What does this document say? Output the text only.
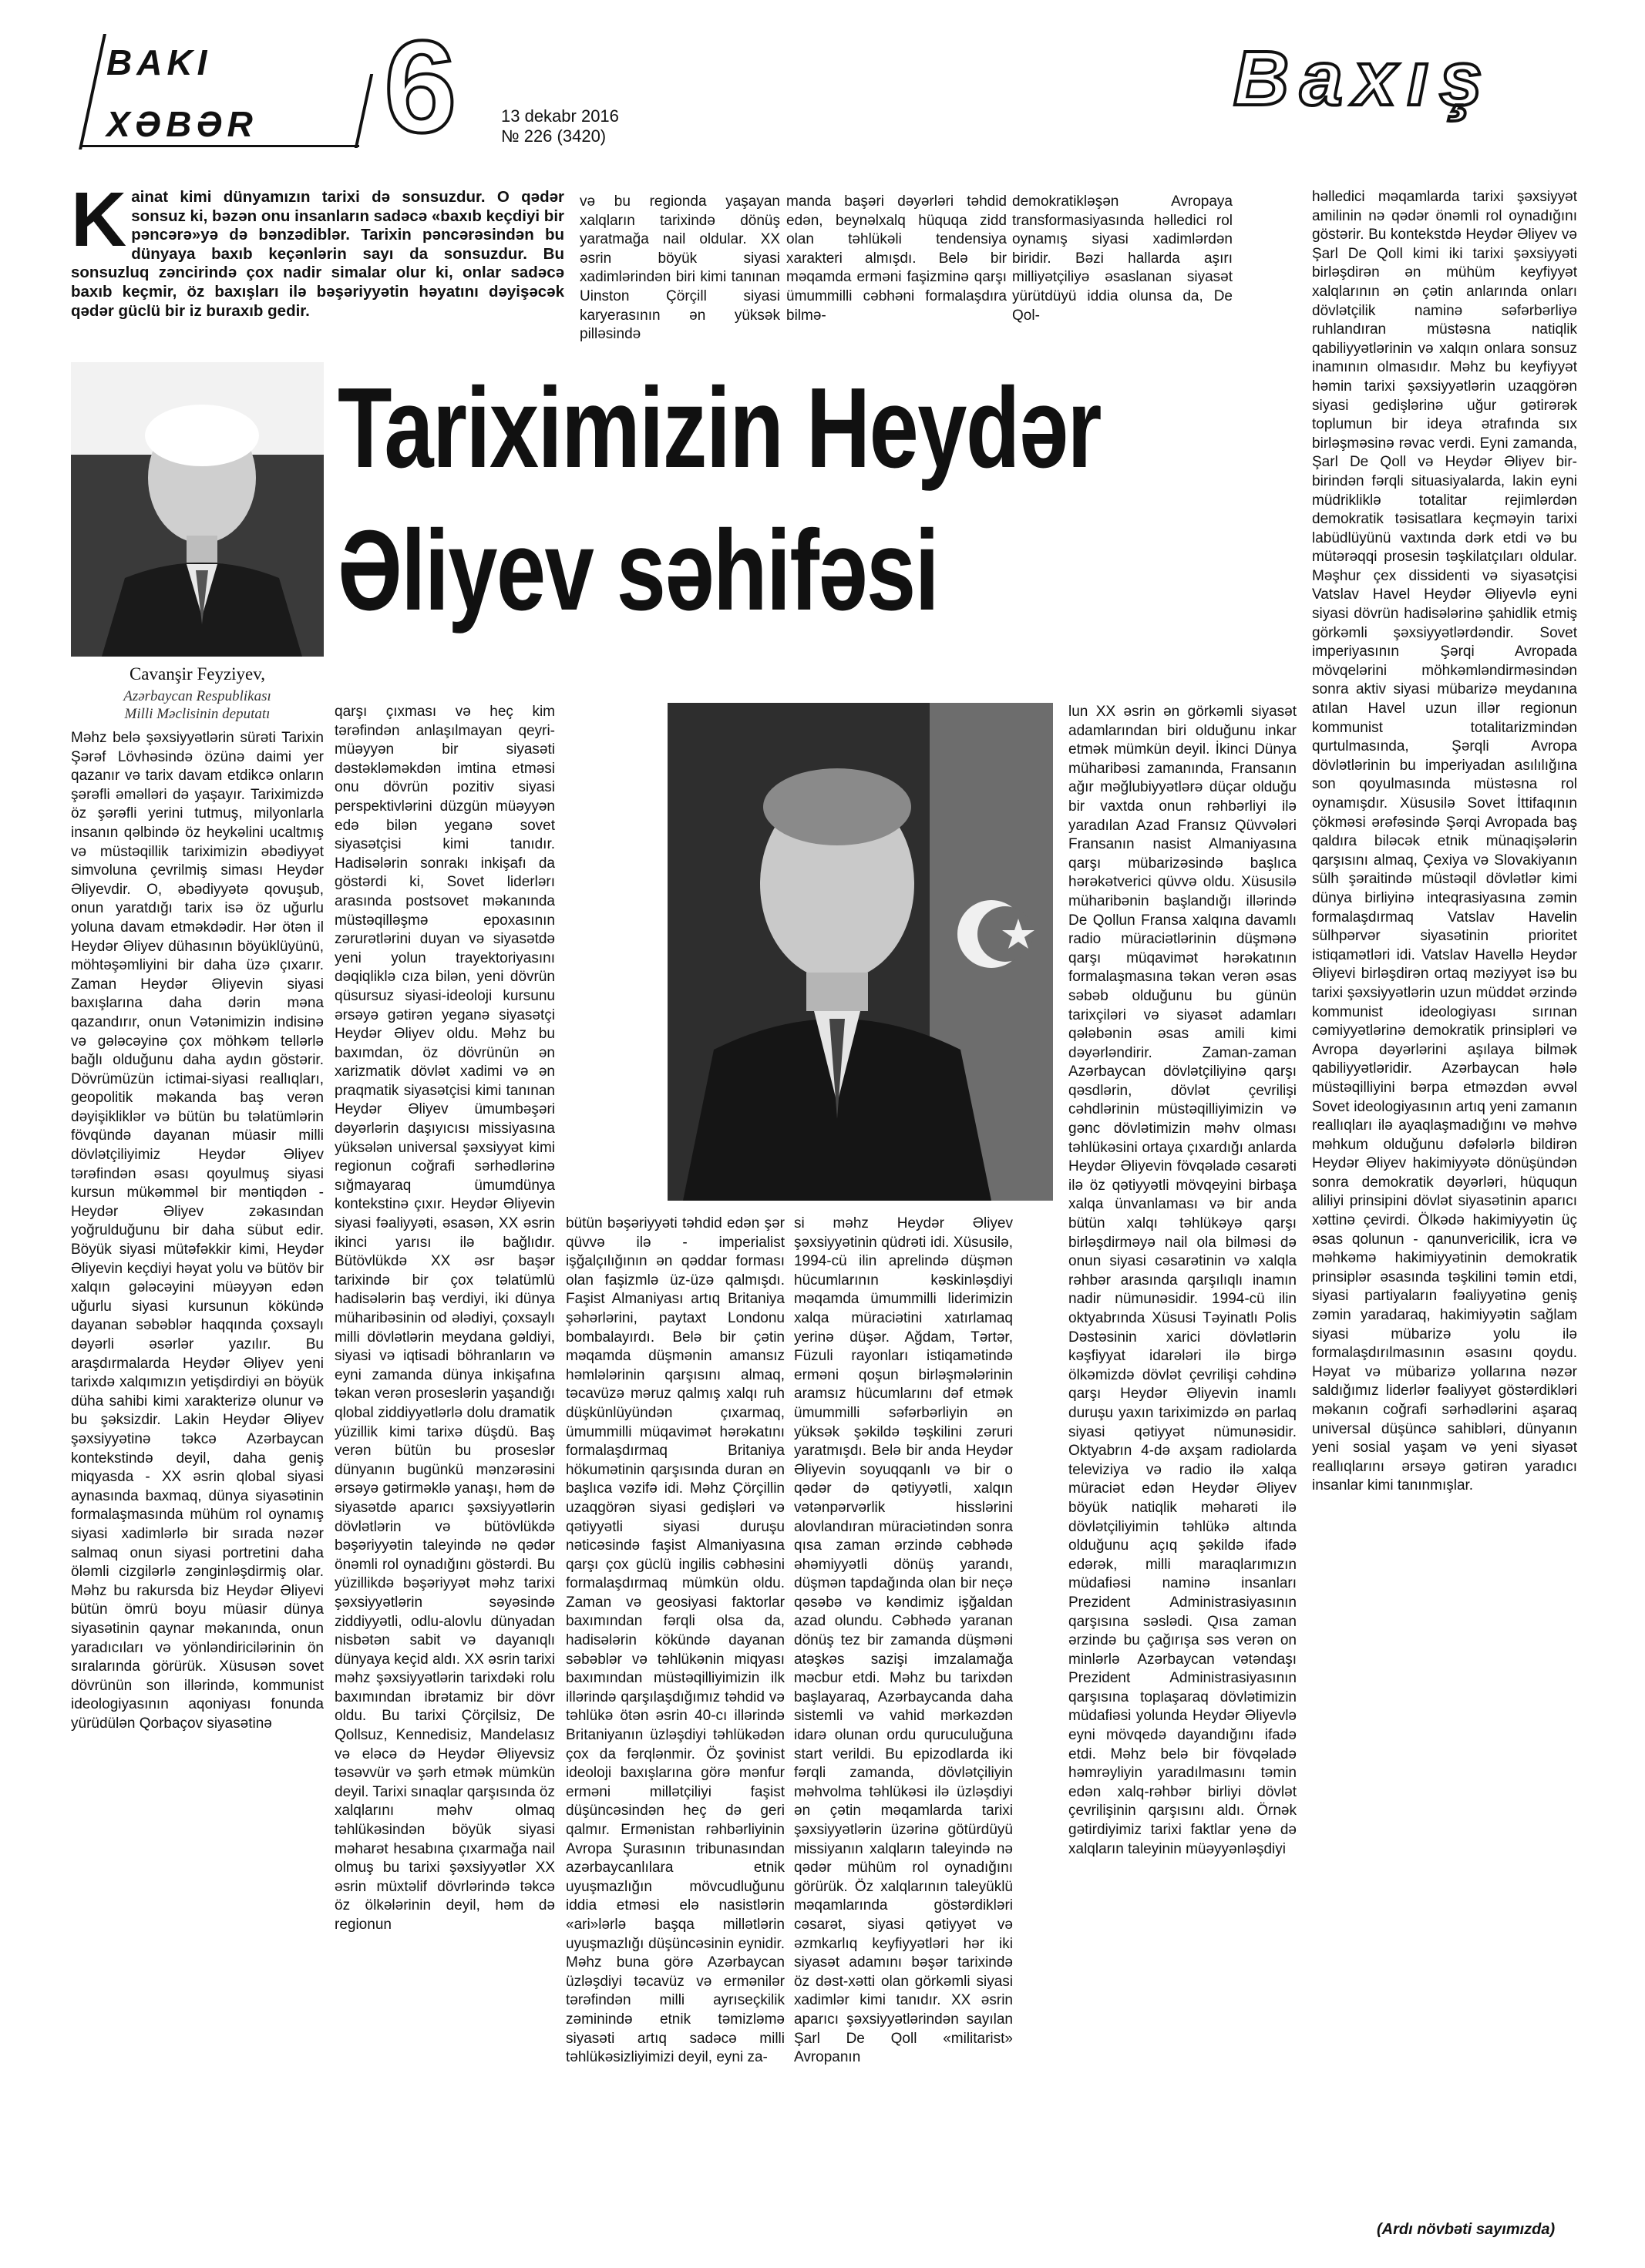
BAKI
XƏBƏR 6	13 dekabr 2016
№ 226 (3420)
Baxış
Kainat kimi dünyamızın tarixi də sonsuzdur. O qədər sonsuz ki, bəzən onu insanların sadəcə «baxıb keçdiyi bir pəncərə»yə də bənzədiblər. Tarixin pəncərəsindən bu dünyaya baxıb keçənlərin sayı da sonsuzdur. Bu sonsuzluq zəncirində çox nadir simalar olur ki, onlar sadəcə baxıb keçmir, öz baxışları ilə bəşəriyyətin həyatını dəyişəcək qədər güclü bir iz buraxıb gedir.
və bu regionda yaşayan xalqların tarixində dönüş yaratmağa nail oldular. XX əsrin böyük siyasi xadimlərindən biri kimi tanınan Uinston Çörçill siyasi karyerasının ən yüksək pilləsində
manda başəri dəyərləri təhdid edən, beynəlxalq hüquqa zidd olan təhlükəli tendensiya xarakteri almışdı. Belə bir məqamda erməni faşizminə qarşı ümummilli cəbhəni formalaşdıra bilmə-
demokratikləşən Avropaya transformasiyasında həlledici rol oynamış siyasi xadimlərdən biridir. Bəzi hallarda aşırı milliyətçiliyə əsaslanan siyasət yürütdüyü iddia olunsa da, De Qol-
Tariximizin Heydər
Əliyev səhifəsi
Cavanşir Feyziyev,
Azərbaycan Respublikası
Milli Məclisinin deputatı
Məhz belə şəxsiyyətlərin sürəti Tarixin Şərəf Lövhəsində özünə daimi yer qazanır və tarix davam etdikcə onların şərəfli əməlləri də yaşayır. Tariximizdə öz şərəfli yerini tutmuş, milyonlarla insanın qəlbində öz heykəlini ucaltmış və müstəqillik tariximizin əbədiyyət simvoluna çevrilmiş siması Heydər Əliyevdir. O, əbədiyyətə qovuşub, onun yaratdığı tarix isə öz uğurlu yoluna davam etməkdədir. Hər ötən il Heydər Əliyev dühasının böyüklüyünü, möhtəşəmliyini bir daha üzə çıxarır. Zaman Heydər Əliyevin siyasi baxışlarına daha dərin məna qazandırır, onun Vətənimizin indisinə və gələcəyinə çox möhkəm tellərlə bağlı olduğunu daha aydın göstərir. Dövrümüzün ictimai-siyasi reallıqları, geopolitik məkanda baş verən dəyişikliklər və bütün bu təlatümlərin fövqündə dayanan müasir milli dövlətçiliyimiz Heydər Əliyev tərəfindən əsası qoyulmuş siyasi kursun mükəmməl bir məntiqdən - Heydər Əliyev zəkasından yoğrulduğunu bir daha sübut edir. Böyük siyasi mütəfəkkir kimi, Heydər Əliyevin keçdiyi həyat yolu və bütöv bir xalqın gələcəyini müəyyən edən uğurlu siyasi kursunun kökündə dayanan səbəblər haqqında çoxsaylı dəyərli əsərlər yazılır. Bu araşdırmalarda Heydər Əliyev yeni tarixdə xalqımızın yetişdirdiyi ən böyük dühа sahibi kimi xarakterizə olunur və bu şəksizdir. Lakin Heydər Əliyev şəxsiyyətinə təkcə Azərbaycan kontekstində deyil, daha geniş miqyasda - XX əsrin qlobal siyasi aynasında baxmaq, dünya siyasətinin formalaşmasında mühüm rol oynamış siyasi xadimlərlə bir sırada nəzər salmaq onun siyasi portretini daha öləmli cizgilərlə zənginləşdirmiş olar. Məhz bu rakursda biz Heydər Əliyevi bütün ömrü boyu müasir dünya siyasətinin qaynar məkanında, onun yaradıcıları və yönləndiricilərinin ön sıralarında görürük. Xüsusən sovet dövrünün son illərində, kommunist ideologiyasının aqoniyası fonunda yürüdülən Qorbaçov siyasətinə
qarşı çıxması və heç kim tərəfindən anlaşılmayan qeyri-müəyyən bir siyasəti dəstəkləməkdən imtina etməsi onu dövrün pozitiv siyasi perspektivlərini düzgün müəyyən edə bilən yeganə sovet siyasətçisi kimi tanıdır. Hadisələrin sonrakı inkişafı da göstərdi ki, Sovet liderlərı arasında postsovet məkanında müstəqilləşmə epoxasının zərurətlərini duyan və siyasətdə yeni yolun trayektoriyasını dəqiqliklə cızа bilən, yeni dövrün qüsursuz siyasi-ideoloji kursunu ərsəyə gətirən yeganə siyasətçi Heydər Əliyev oldu. Məhz bu baxımdan, öz dövrünün ən xarizmatik dövlət xadimi və ən praqmatik siyasətçisi kimi tanınan Heydər Əliyev ümumbəşəri dəyərlərin daşıyıcısı missiyasına yüksələn universal şəxsiyyət kimi regionun coğrafi sərhədlərinə sığmayaraq ümumdünya kontekstinə çıxır. Heydər Əliyevin siyasi fəaliyyəti, əsasən, XX əsrin ikinci yarısı ilə bağlıdır. Bütövlükdə XX əsr başər tarixində bir çox təlatümlü hadisələrin baş verdiyi, iki dünya müharibəsinin od ələdiyi, çoxsaylı milli dövlətlərin meydana gəldiyi, siyasi və iqtisadi böhranların və eyni zamanda dünya inkişafına təkan verən proseslərin yaşandığı qlobal ziddiyyətlərlə dolu dramatik yüzillik kimi tarixə düşdü. Baş verən bütün bu proseslər dünyanın bugünkü mənzərəsini ərsəyə gətirməklə yanaşı, həm də siyasətdə aparıcı şəxsiyyətlərin dövlətlərin və bütövlükdə bəşəriyyətin taleyində nə qədər önəmli rol oynadığını göstərdi. Bu yüzillikdə bəşəriyyət məhz tarixi şəxsiyyətlərin səyəsində ziddiyyətli, odlu-alovlu dünyadan nisbətən sabit və dayanıqlı dünyaya keçid aldı. XX əsrin tarixi məhz şəxsiyyətlərin tarixdəki rolu baxımından ibrətamiz bir dövr oldu. Bu tarixi Çörçilsiz, De Qollsuz, Kennedisiz, Mandelasız və eləcə də Heydər Əliyevsiz təsəvvür və şərh etmək mümkün deyil. Tarixi sınaqlar qarşısında öz xalqlarını məhv olmaq təhlükəsindən böyük siyasi məharət hesabına çıxarmağa nail olmuş bu tarixi şəxsiyyətlər XX əsrin müxtəlif dövrlərində təkcə öz ölkələrinin deyil, həm də regionun
bütün bəşəriyyəti təhdid edən şər qüvvə ilə - imperialist işğalçılığının ən qəddar forması olan faşizmlə üz-üzə qalmışdı. Faşist Almaniyası artıq Britaniya şəhərlərini, paytaxt Londonu bombalayırdı. Belə bir çətin məqamda düşmənin amansız həmlələrinin qarşısını almaq, təcavüzə məruz qalmış xalqı ruh düşkünlüyündən çıxarmaq, ümummilli müqavimət hərəkatını formalaşdırmaq Britaniya hökumətinin qarşısında duran ən başlıca vəzifə idi. Məhz Çörçillin uzaqgörən siyasi gedişləri və qətiyyətli siyasi duruşu nəticəsində faşist Almaniyasına qarşı çox güclü ingilis cəbhəsini formalaşdırmaq mümkün oldu. Zaman və geosiyasi faktorlar baxımından fərqli olsa da, hadisələrin kökündə dayanan səbəblər və təhlükənin miqyası baxımından müstəqilliyimizin ilk illərində qarşılaşdığımız təhdid və təhlükə ötən əsrin 40-cı illərində Britaniyanın üzləşdiyi təhlükədən çox da fərqlənmir. Öz şovinist ideoloji baxışlarına görə mənfur erməni millətçiliyi faşist düşüncəsindən heç də geri qalmır. Ermənistan rəhbərliyinin Avropa Şurasının tribunasından azərbaycanlılara etnik uyuşmazlığın mövcudluğunu iddia etməsi elə nasistlərin «ari»lərlə başqa millətlərin uyuşmazlığı düşüncəsinin eynidir. Məhz buna görə Azərbaycan üzləşdiyi təcavüz və ermənilər tərəfindən milli ayrıseçkilik zəminində etnik təmizləmə siyasəti artıq sadəcə milli təhlükəsizliyimizi deyil, eyni za-
si məhz Heydər Əliyev şəxsiyyətinin qüdrəti idi. Xüsusilə, 1994-cü ilin aprelində düşmən hücumlarının kəskinləşdiyi məqamda ümummilli liderimizin xalqa müraciətini xatırlamaq yerinə düşər. Ağdam, Tərtər, Füzuli rayonları istiqamətində erməni qoşun birləşmələrinin aramsız hücumlarını dəf etmək ümummilli səfərbərliyin ən yüksək şəkildə təşkilini zəruri yaratmışdı. Belə bir anda Heydər Əliyevin soyuqqanlı və bir o qədər də qətiyyətli, xalqın vətənpərvərlik hisslərini alovlandıran müraciətindən sonra qısa zaman ərzində cəbhədə əhəmiyyətli dönüş yarandı, düşmən tapdağında olan bir neçə qəsəbə və kəndimiz işğaldan azad olundu. Cəbhədə yaranan dönüş tez bir zamanda düşməni atəşkəs sazişi imzalamağa məcbur etdi. Məhz bu tarixdən başlayaraq, Azərbaycanda daha sistemli və vahid mərkəzdən idarə olunan ordu quruculuğuna start verildi. Bu epizodlarda iki fərqli zamanda, dövlətçiliyin məhvolma təhlükəsi ilə üzləşdiyi ən çətin məqamlarda tarixi şəxsiyyətlərin üzərinə götürdüyü missiyanın xalqların taleyində nə qədər mühüm rol oynadığını görürük. Öz xalqlarının taleyüklü məqamlarında göstərdikləri cəsarət, siyasi qətiyyət və əzmkarlıq keyfiyyətləri hər iki siyasət adamını bəşər tarixində öz dəst-xətti olan görkəmli siyasi xadimlər kimi tanıdır. XX əsrin aparıcı şəxsiyyətlərindən sayılan Şarl De Qoll «militarist» Avropanın
lun XX əsrin ən görkəmli siyasət adamlarından biri olduğunu inkar etmək mümkün deyil. İkinci Dünya müharibəsi zamanında, Fransanın ağır məğlubiyyətlərə düçar olduğu bir vaxtda onun rəhbərliyi ilə yaradılan Azad Fransız Qüvvələri Fransanın nasist Almaniyasına qarşı mübarizəsində başlıca hərəkətverici qüvvə oldu. Xüsusilə müharibənin başlandığı illərində De Qollun Fransa xalqına davamlı radio müraciətlərinin düşmənə qarşı müqavimət hərəkatının formalaşmasına təkan verən əsas səbəb olduğunu bu günün tarixçiləri və siyasət adamları qələbənin əsas amili kimi dəyərləndirir. Zaman-zaman Azərbaycan dövlətçiliyinə qarşı qəsdlərin, dövlət çevrilişi cəhdlərinin müstəqilliyimizin və gənc dövlətimizin məhv olması təhlükəsini ortaya çıxardığı anlarda Heydər Əliyevin fövqəladə cəsarəti ilə öz qətiyyətli mövqeyini birbaşa xalqa ünvanlaması və bir anda bütün xalqı təhlükəyə qarşı birləşdirməyə nail ola bilməsi də onun siyasi cəsarətinin və xalqla rəhbər arasında qarşılıqlı inamın nadir nümunəsidir. 1994-cü ilin oktyabrında Xüsusi Təyinatlı Polis Dəstəsinin xarici dövlətlərin kəşfiyyat idarələri ilə birgə ölkəmizdə dövlət çevrilişi cəhdinə qarşı Heydər Əliyevin inamlı duruşu yaxın tariximizdə ən parlaq siyasi qətiyyət nümunəsidir. Oktyabrın 4-də axşam radiolarda televiziya və radio ilə xalqa müraciət edən Heydər Əliyev böyük natiqlik məharəti ilə dövlətçiliyimin təhlükə altında olduğunu açıq şəkildə ifadə edərək, milli maraqlarımızın müdafiəsi naminə insanları Prezident Administrasiyasının qarşısına səslədi. Qısa zaman ərzində bu çağırışa səs verən on minlərlə Azərbaycan vətəndaşı Prezident Administrasiyasının qarşısına toplaşaraq dövlətimizin müdafiəsi yolunda Heydər Əliyevlə eyni mövqedə dayandığını ifadə etdi. Məhz belə bir fövqəladə həmrəyliyin yaradılmasını təmin edən xalq-rəhbər birliyi dövlət çevrilişinin qarşısını aldı. Örnək gətirdiyimiz tarixi faktlar yenə də xalqların taleyinin müəyyənləşdiyi
həlledici məqamlarda tarixi şəxsiyyət amilinin nə qədər önəmli rol oynadığını göstərir. Bu kontekstdə Heydər Əliyev və Şarl De Qoll kimi iki tarixi şəxsiyyəti birləşdirən ən mühüm keyfiyyət xalqlarının ən çətin anlarında onları dövlətçilik naminə səfərbərliyə ruhlandıran müstəsna natiqlik qabiliyyətlərinin və xalqın onlara sonsuz inamının olmasıdır. Məhz bu keyfiyyət həmin tarixi şəxsiyyətlərin uzaqgörən siyasi gedişlərinə uğur gətirərək toplumun bir ideya ətrafında sıx birləşməsinə rəvac verdi. Eyni zamanda, Şarl De Qoll və Heydər Əliyev bir-birindən fərqli situasiyalarda, lakin eyni müdrikliklə totalitar rejimlərdən demokratik təsisatlara keçməyin tarixi labüdlüyünü vaxtında dərk etdi və bu mütərəqqi prosesin təşkilatçıları oldular. Məşhur çex dissidenti və siyasətçisi Vatslav Havel Heydər Əliyevlə eyni siyasi dövrün hadisələrinə şahidlik etmiş görkəmli şəxsiyyətlərdəndir. Sovet imperiyasının Şərqi Avropada mövqelərini möhkəmləndirməsindən sonra aktiv siyasi mübarizə meydanına atılan Havel uzun illər regionun kommunist totalitarizmindən qurtulmasında, Şərqli Avropa dövlətlərinin bu imperiyadan asılılığına son qoyulmasında müstəsna rol oynamışdır. Xüsusilə Sovet İttifaqının çökməsi ərəfəsində Şərqi Avropada baş qaldıra biləcək etnik münaqişələrin qarşısını almaq, Çexiya və Slovakiyanın sülh şəraitində müstəqil dövlətlər kimi dünya birliyinə inteqrasiyasına zəmin formalaşdırmaq Vatslav Havelin sülhpərvər siyasətinin prioritet istiqamətləri idi. Vatslav Havellə Heydər Əliyevi birləşdirən ortaq məziyyət isə bu tarixi şəxsiyyətlərin uzun müddət ərzində kommunist ideologiyası sırınan cəmiyyətlərinə demokratik prinsipləri və Avropa dəyərlərini aşılaya bilmək qabiliyyətləridir. Azərbaycan hələ müstəqilliyini bərpa etməzdən əvvəl Sovet ideologiyasının artıq yeni zamanın reallıqları ilə ayaqlaşmadığını və məhvə məhkum olduğunu dəfələrlə bildirən Heydər Əliyev hakimiyyətə dönüşündən sonra demokratik dəyərləri, hüququn aliliyi prinsipini dövlət siyasətinin aparıcı xəttinə çevirdi. Ölkədə hakimiyyətin üç əsas qolunun - qanunvericilik, icra və məhkəmə hakimiyyətinin demokratik prinsiplər əsasında təşkilini təmin etdi, siyasi partiyaların fəaliyyətinə geniş zəmin yaradaraq, hakimiyyətin sağlam siyasi mübarizə yolu ilə formalaşdırılmasının əsasını qoydu. Həyat və mübarizə yollarına nəzər saldığımız liderlər fəaliyyət göstərdikləri məkanın coğrafi sərhədlərini aşaraq universal düşüncə sahibləri, dünyanın yeni sosial yaşam və yeni siyasət reallıqlarını ərsəyə gətirən yaradıcı insanlar kimi tanınmışlar.
(Ardı növbəti sayımızda)
